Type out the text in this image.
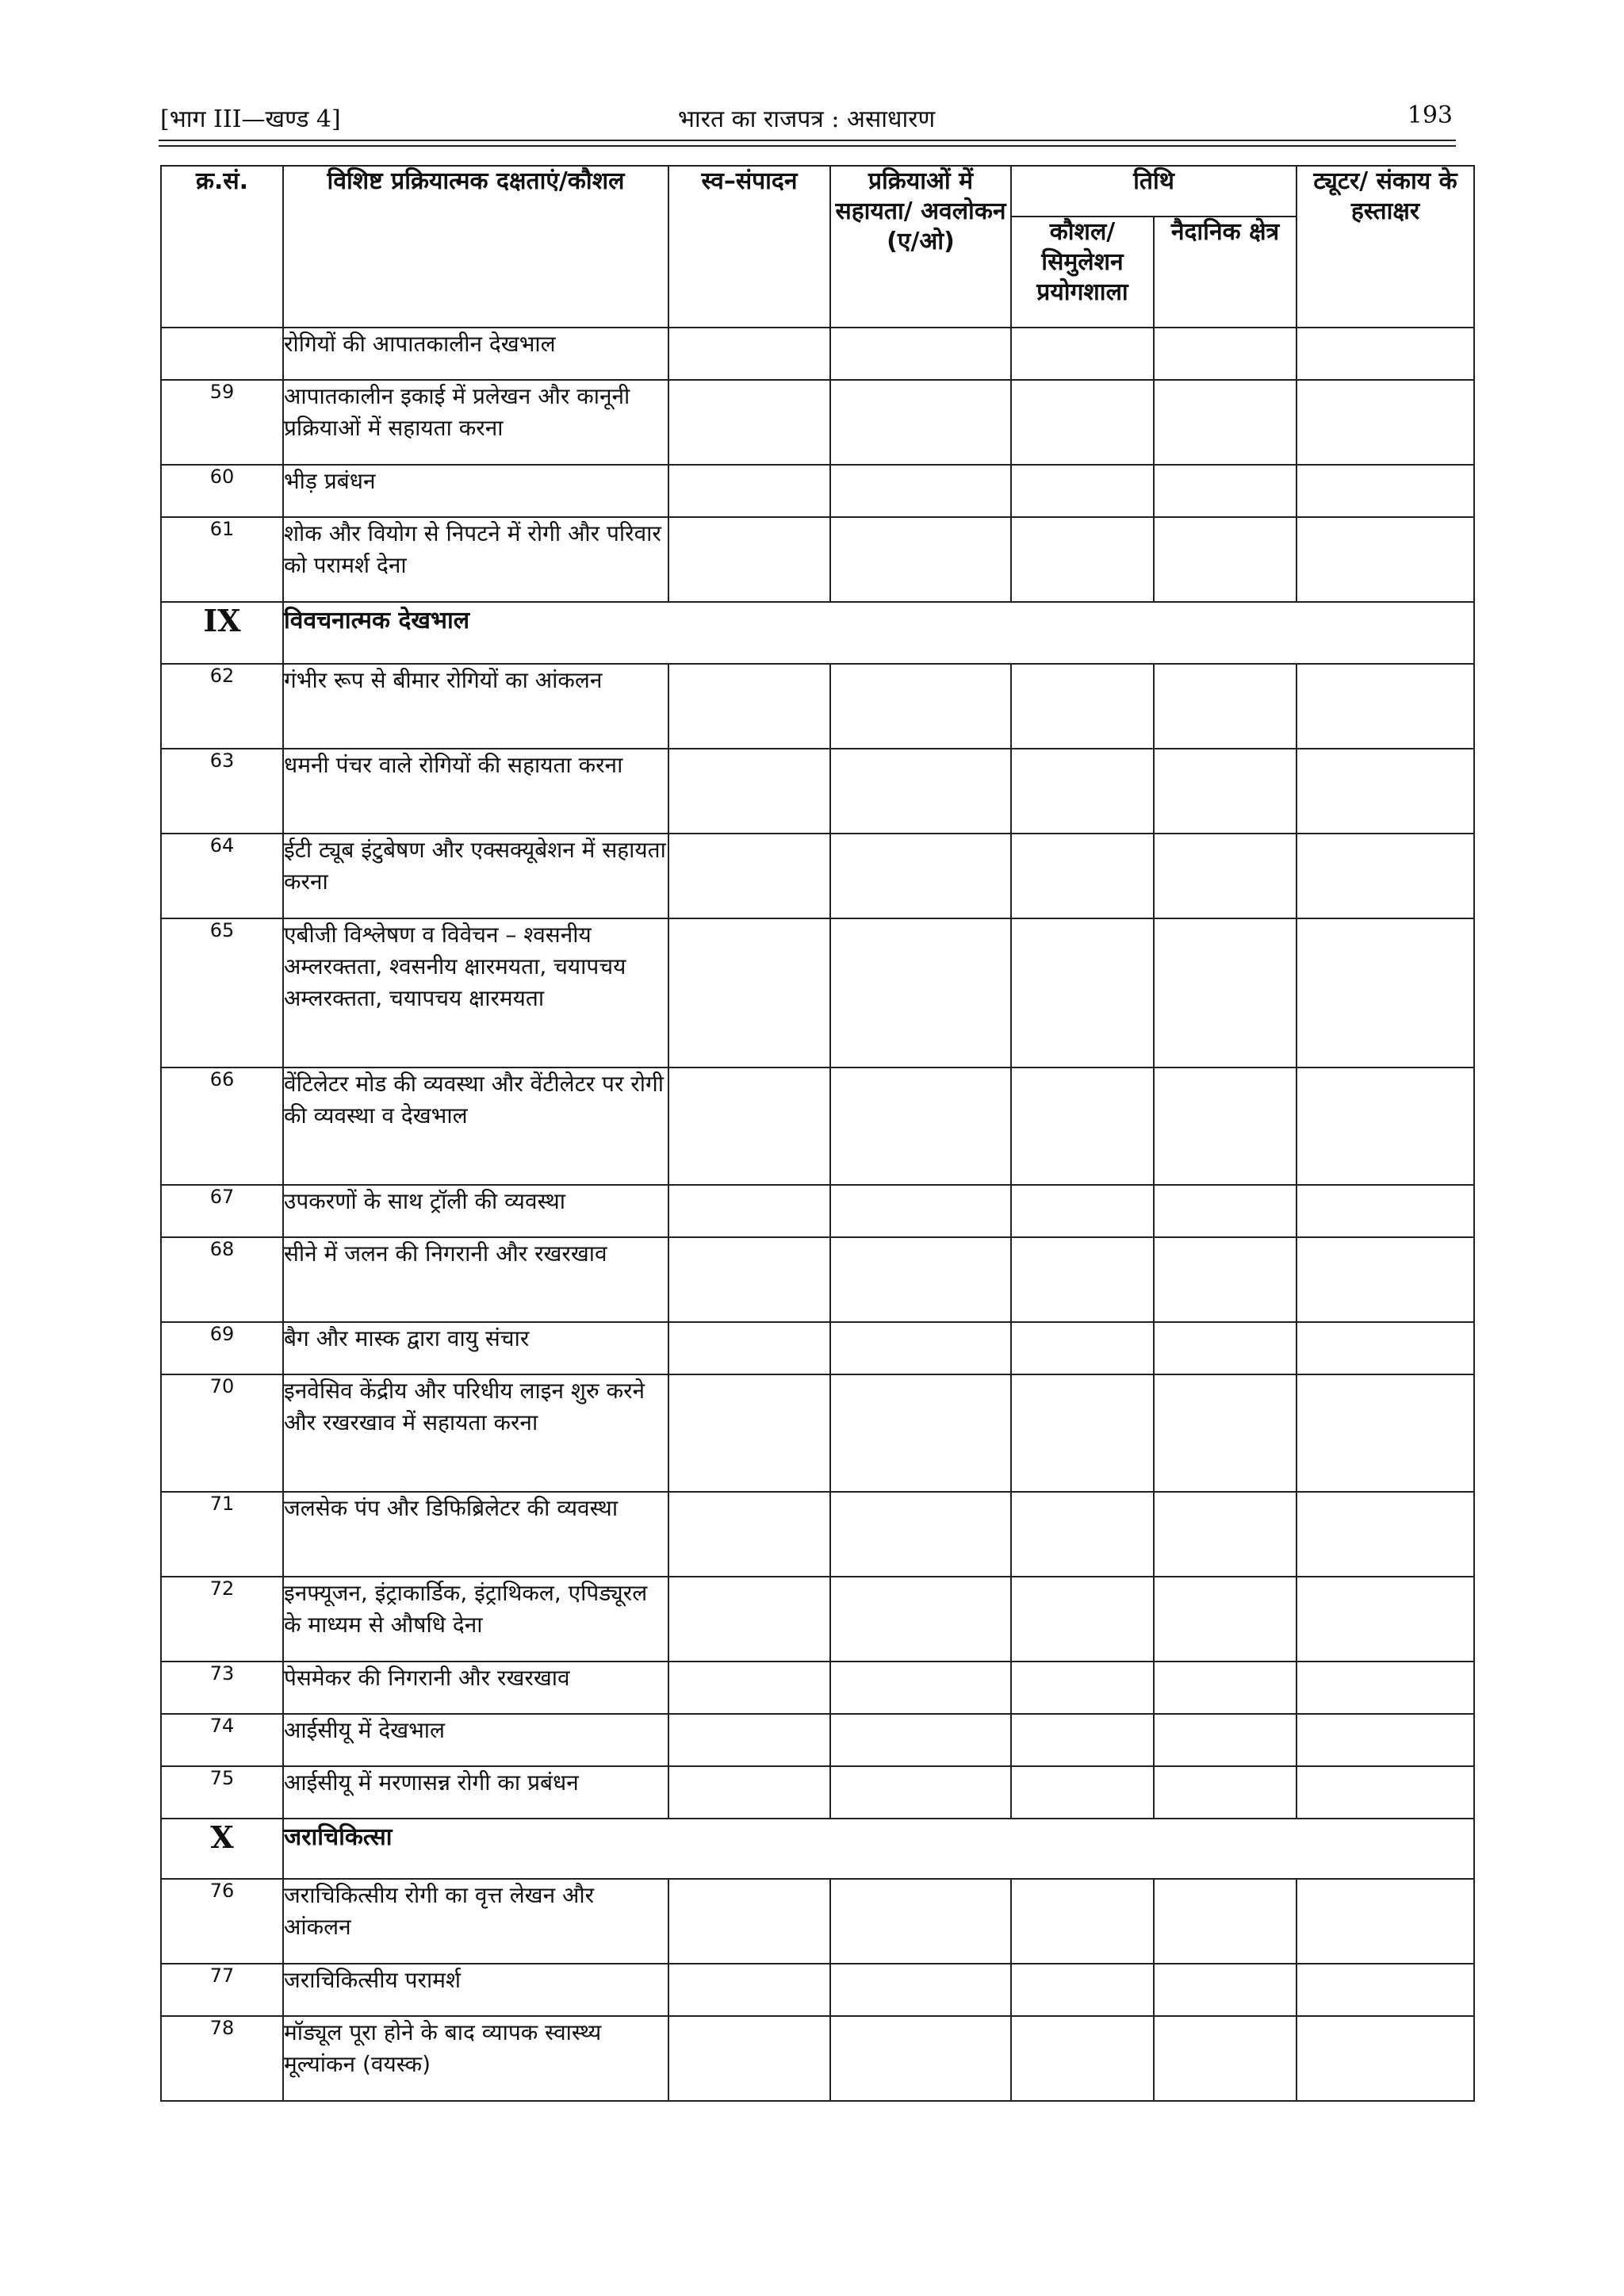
[भाग III—खण्ड 4]	भारत का राजपत्र : असाधारण	193
क्र.सं.	विशिष्ट प्रक्रियात्मक दक्षताएं/कौशल	स्व–संपादन	प्रक्रियाओं में सहायता/ अवलोकन (ए/ओ)	तिथि		ट्यूटर/ संकाय के हस्ताक्षर
				कौशल/ सिमुलेशन प्रयोगशाला	नैदानिक क्षेत्र	
	रोगियों की आपातकालीन देखभाल					
59	आपातकालीन इकाई में प्रलेखन और कानूनी प्रक्रियाओं में सहायता करना					
60	भीड़ प्रबंधन					
61	शोक और वियोग से निपटने में रोगी और परिवार को परामर्श देना					
IX	विवचनात्मक देखभाल					
62	गंभीर रूप से बीमार रोगियों का आंकलन					
63	धमनी पंचर वाले रोगियों की सहायता करना					
64	ईटी ट्यूब इंटुबेषण और एक्सक्यूबेशन में सहायता करना					
65	एबीजी विश्लेषण व विवेचन – श्वसनीय अम्लरक्तता, श्वसनीय क्षारमयता, चयापचय अम्लरक्तता, चयापचय क्षारमयता					
66	वेंटिलेटर मोड की व्यवस्था और वेंटीलेटर पर रोगी की व्यवस्था व देखभाल					
67	उपकरणों के साथ ट्रॉली की व्यवस्था					
68	सीने में जलन की निगरानी और रखरखाव					
69	बैग और मास्क द्वारा वायु संचार					
70	इनवेसिव केंद्रीय और परिधीय लाइन शुरु करने और रखरखाव में सहायता करना					
71	जलसेक पंप और डिफिब्रिलेटर की व्यवस्था					
72	इनफ्यूजन, इंट्राकार्डिक, इंट्राथिकल, एपिड्यूरल के माध्यम से औषधि देना					
73	पेसमेकर की निगरानी और रखरखाव					
74	आईसीयू में देखभाल					
75	आईसीयू में मरणासन्न रोगी का प्रबंधन					
X	जराचिकित्सा					
76	जराचिकित्सीय रोगी का वृत्त लेखन और आंकलन					
77	जराचिकित्सीय परामर्श					
78	मॉड्यूल पूरा होने के बाद व्यापक स्वास्थ्य मूल्यांकन (वयस्क)					
